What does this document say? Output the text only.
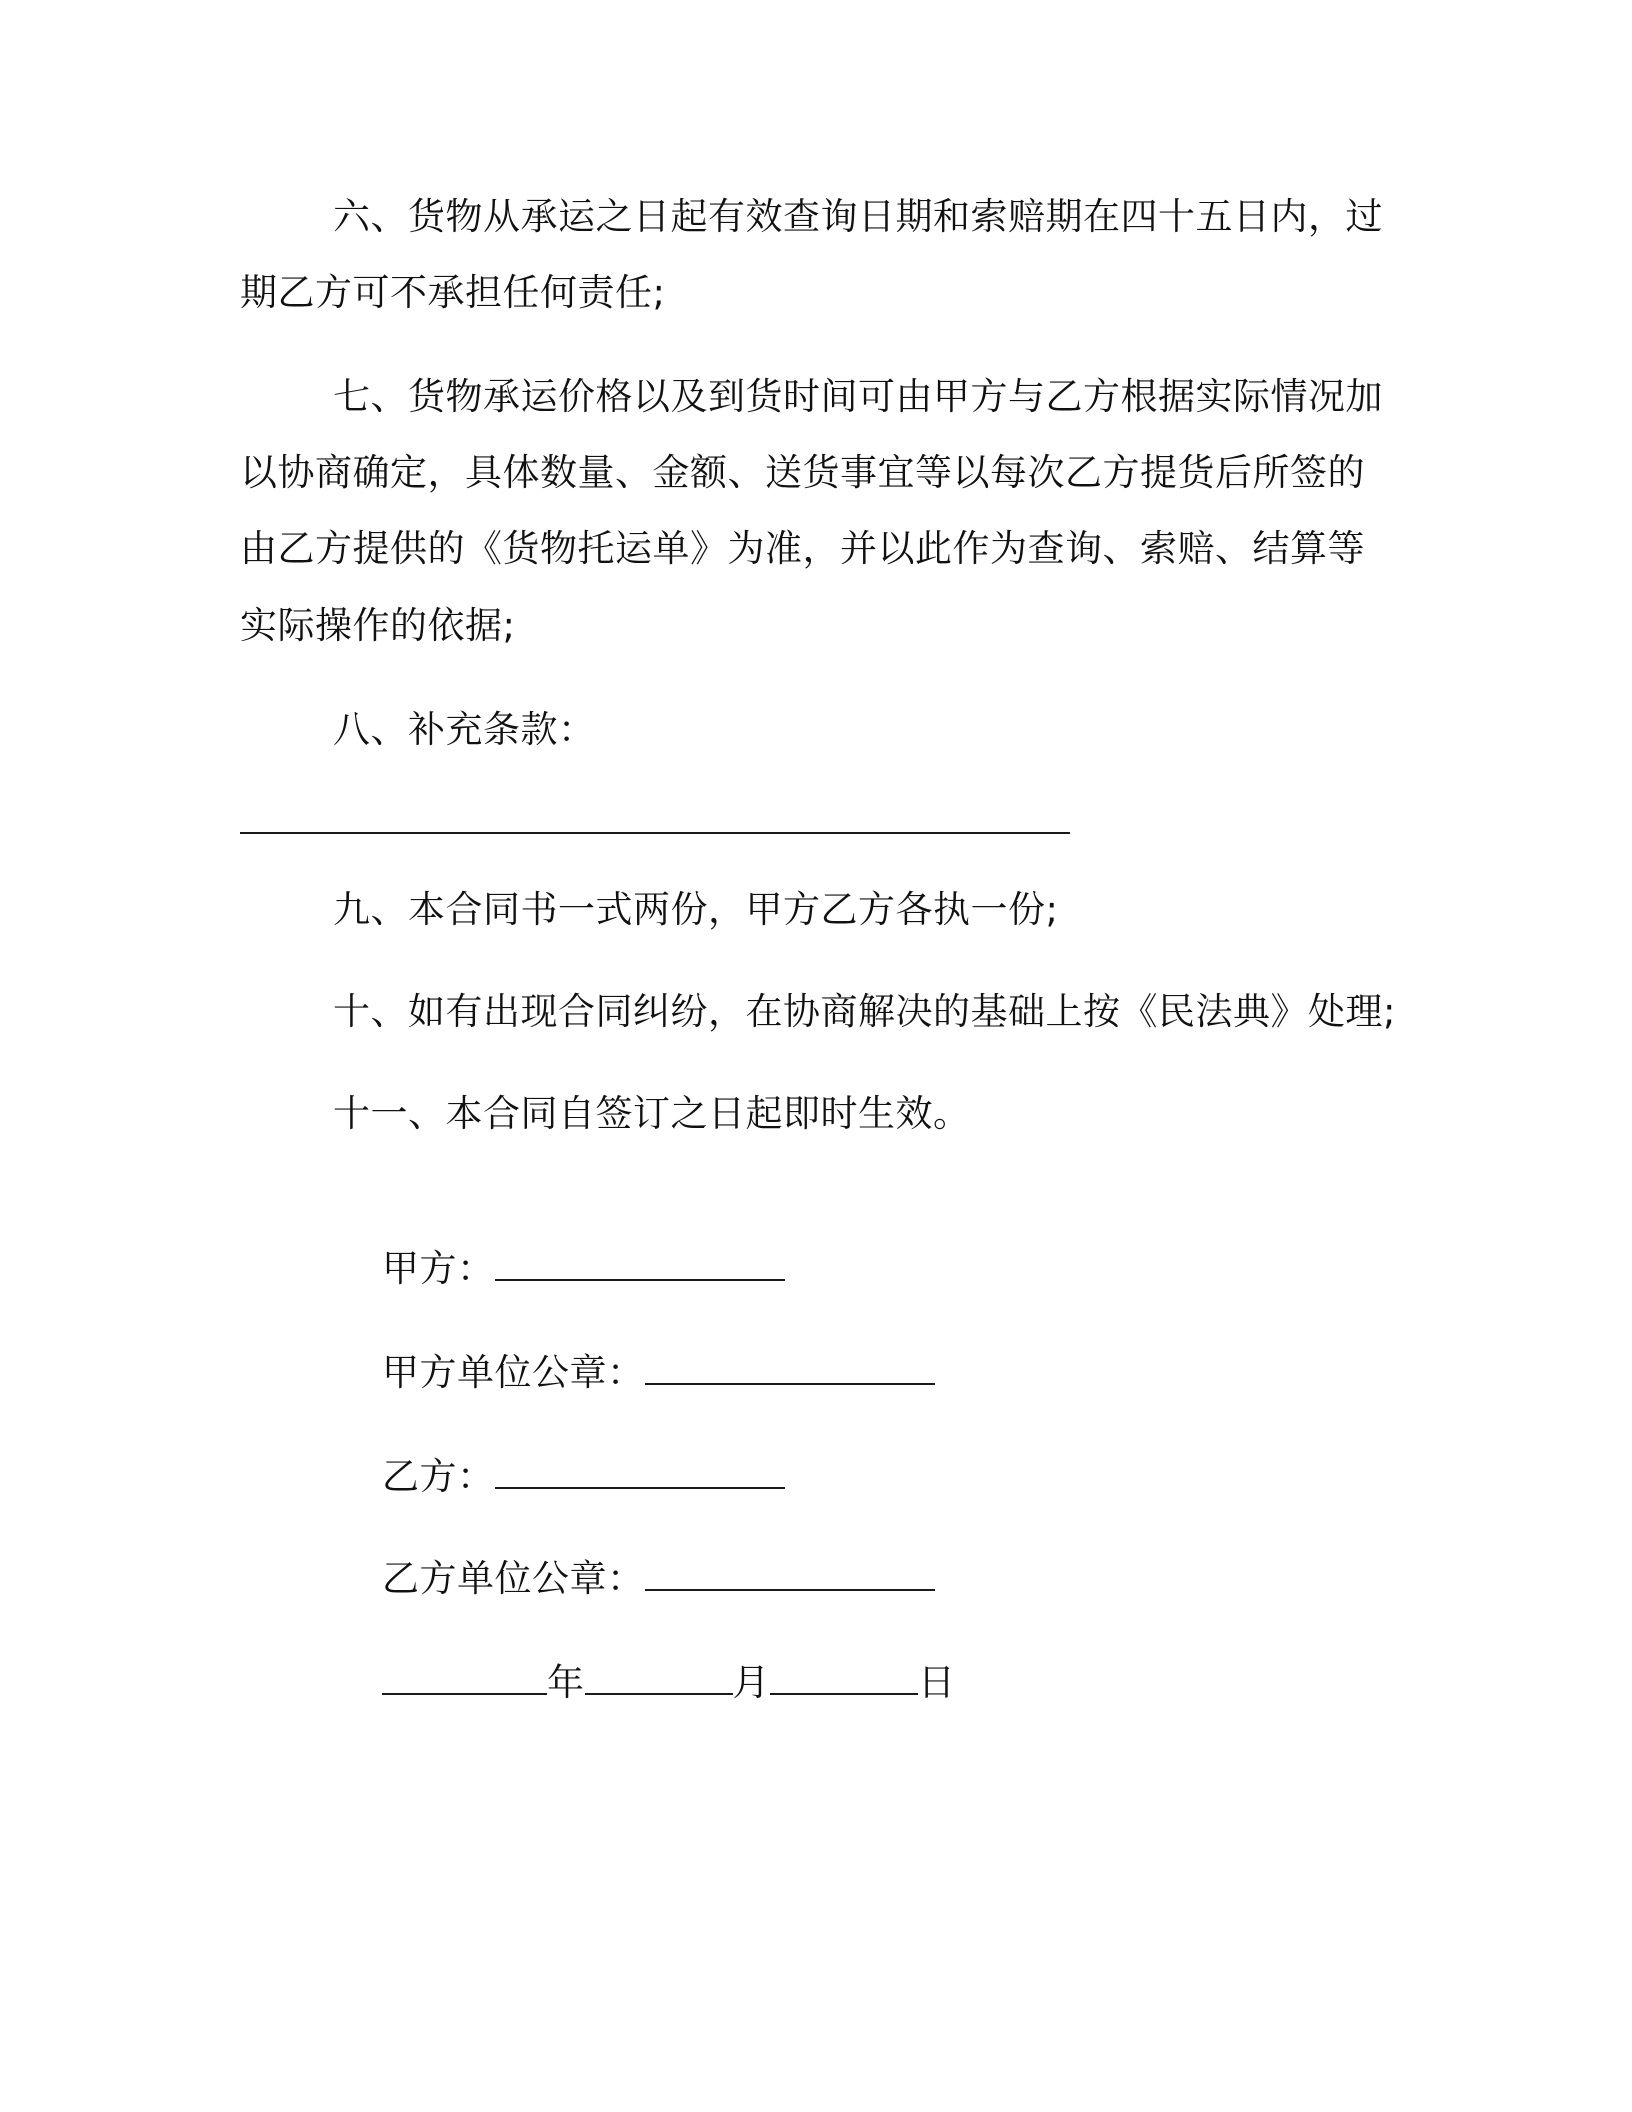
六、货物从承运之日起有效查询日期和索赔期在四十五日内，过
期乙方可不承担任何责任;
七、货物承运价格以及到货时间可由甲方与乙方根据实际情况加
以协商确定，具体数量、金额、送货事宜等以每次乙方提货后所签的
由乙方提供的《货物托运单》为准，并以此作为查询、索赔、结算等
实际操作的依据;
八、补充条款：
九、本合同书一式两份，甲方乙方各执一份;
十、如有出现合同纠纷，在协商解决的基础上按《民法典》处理;
十一、本合同自签订之日起即时生效。

甲方：

甲方单位公章：

乙方：

乙方单位公章：

年	月	日
